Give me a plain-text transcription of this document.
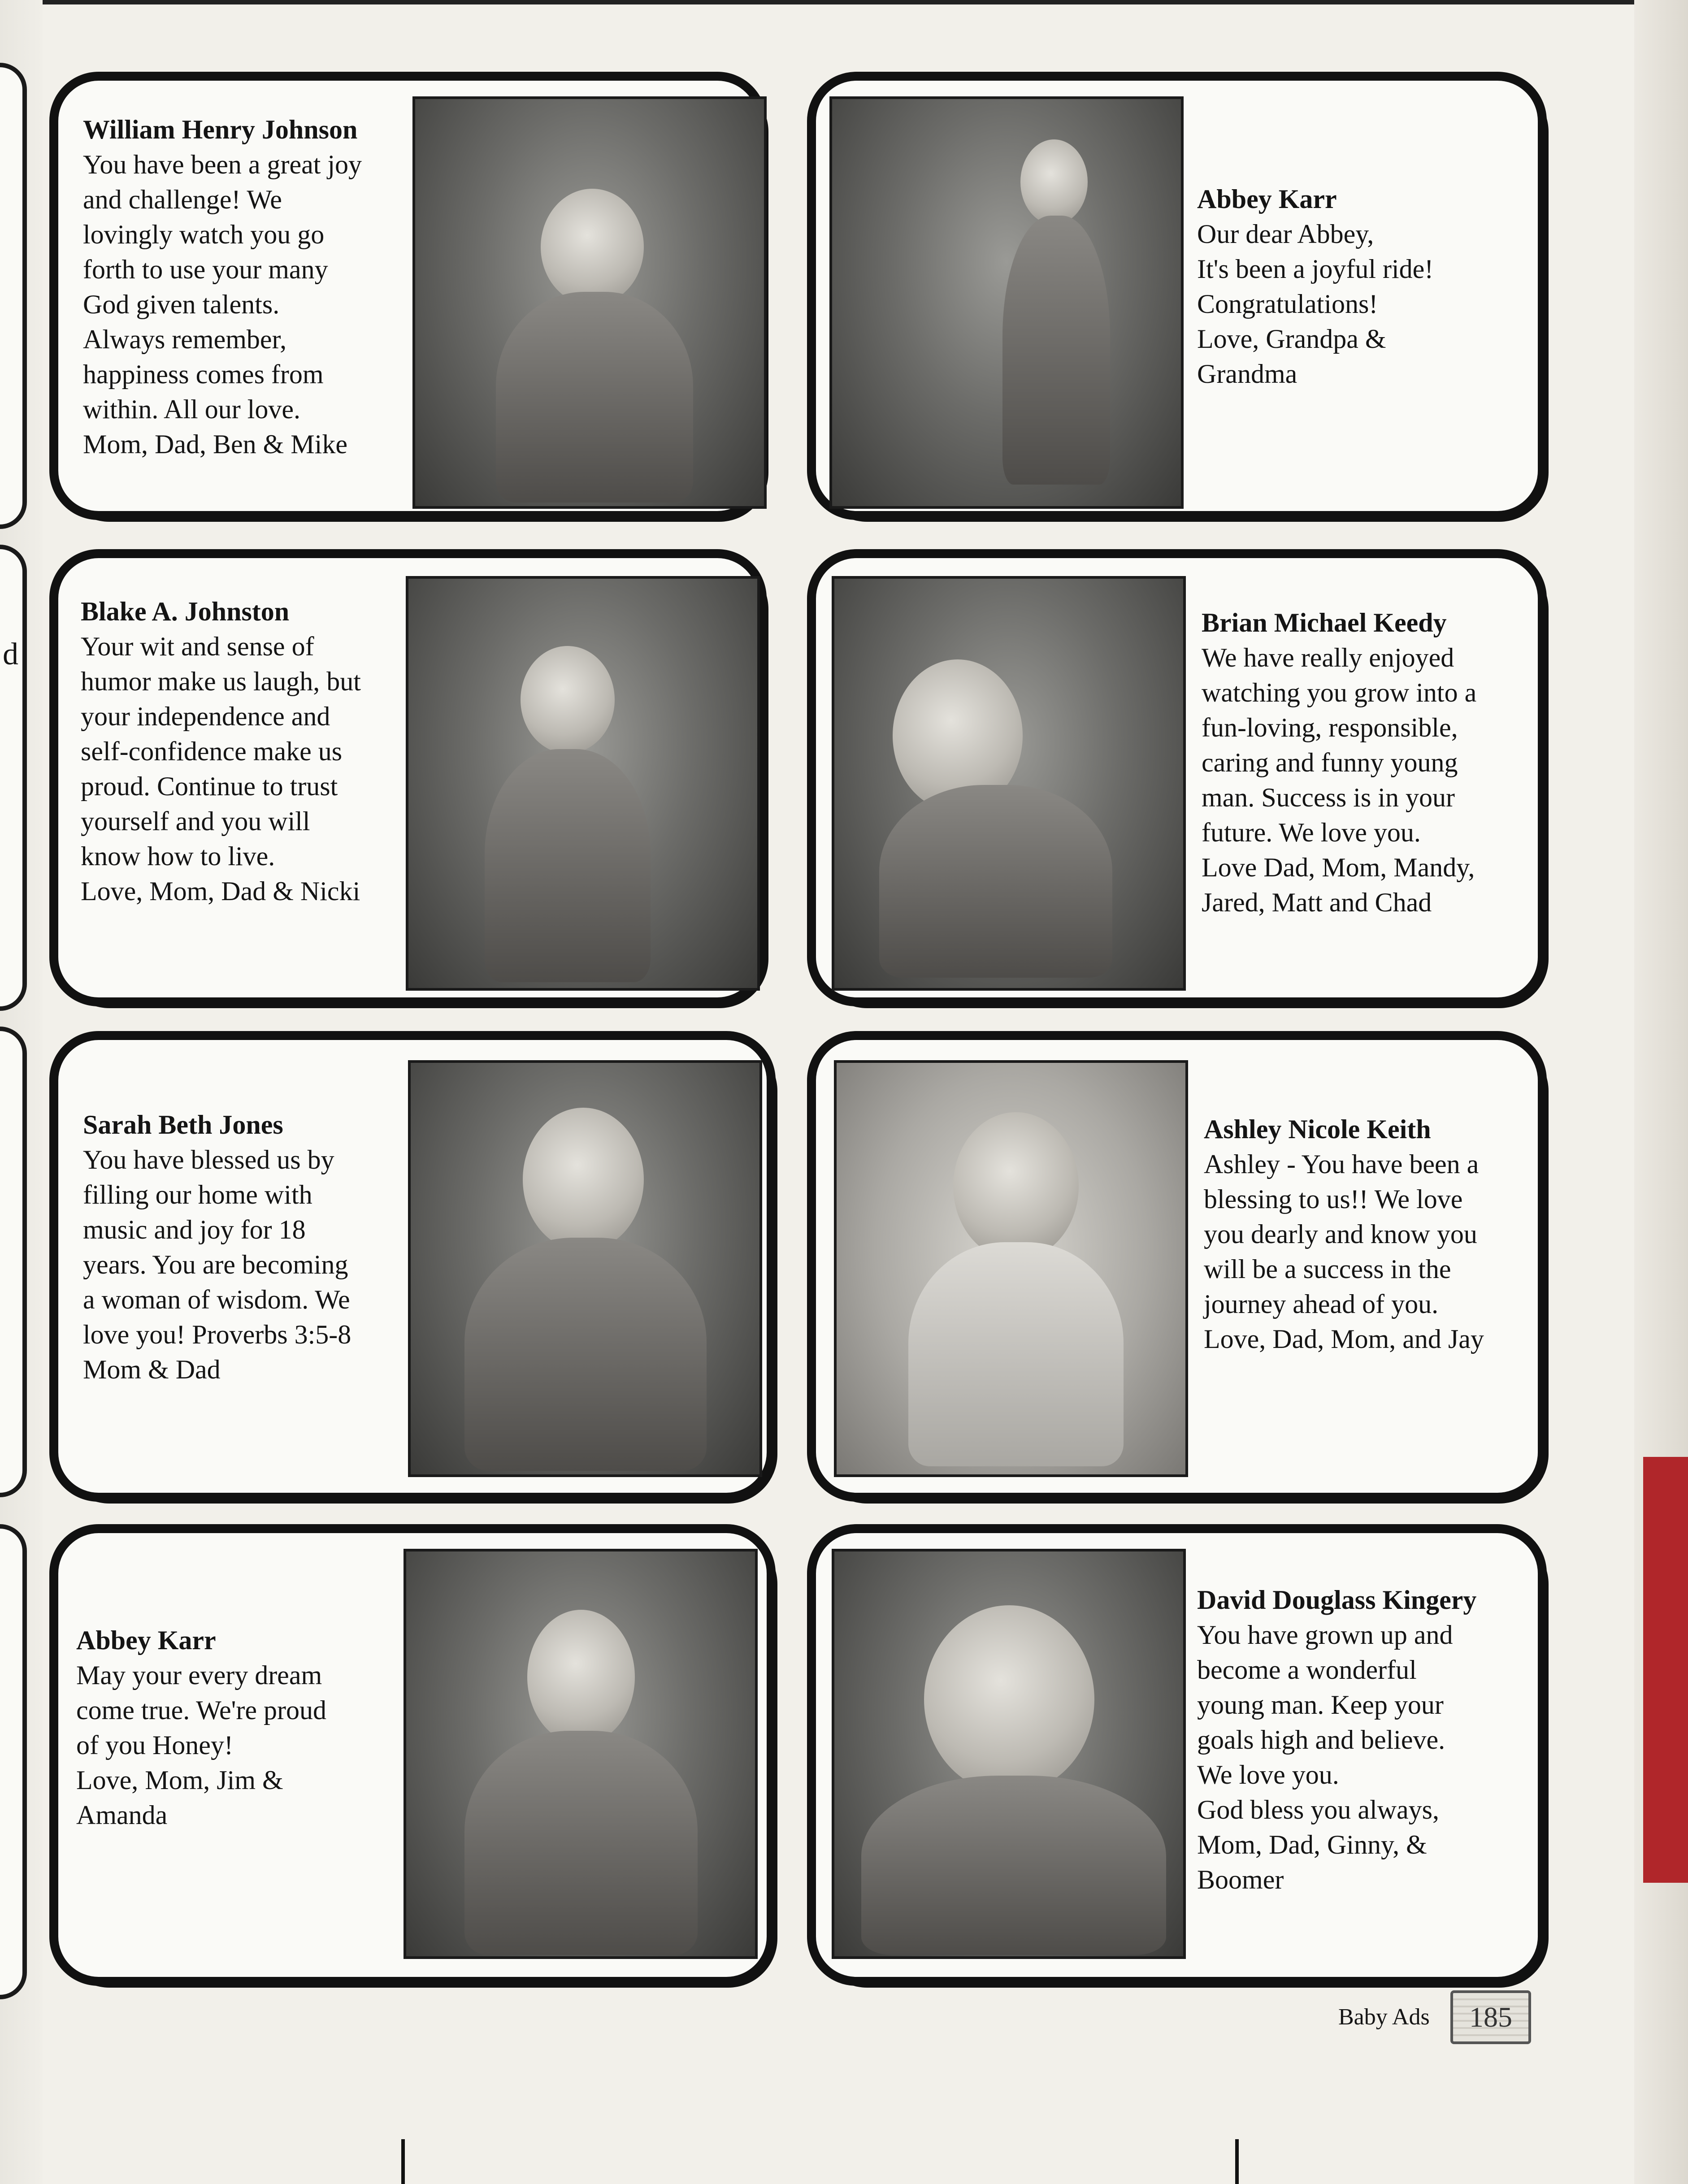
d
William Henry Johnson
You have been a great joy
and challenge! We
lovingly watch you go
forth to use your many
God given talents.
Always remember,
happiness comes from
within. All our love.
Mom, Dad, Ben & Mike
Abbey Karr
Our dear Abbey,
It's been a joyful ride!
Congratulations!
Love, Grandpa &
Grandma
Blake A. Johnston
Your wit and sense of
humor make us laugh, but
your independence and
self-confidence make us
proud. Continue to trust
yourself and you will
know how to live.
Love, Mom, Dad & Nicki
Brian Michael Keedy
We have really enjoyed
watching you grow into a
fun-loving, responsible,
caring and funny young
man. Success is in your
future. We love you.
Love Dad, Mom, Mandy,
Jared, Matt and Chad
Sarah Beth Jones
You have blessed us by
filling our home with
music and joy for 18
years. You are becoming
a woman of wisdom. We
love you! Proverbs 3:5-8
Mom & Dad
Ashley Nicole Keith
Ashley - You have been a
blessing to us!! We love
you dearly and know you
will be a success in the
journey ahead of you.
Love, Dad, Mom, and Jay
Abbey Karr
May your every dream
come true. We're proud
of you Honey!
Love, Mom, Jim &
Amanda
David Douglass Kingery
You have grown up and
become a wonderful
young man. Keep your
goals high and believe.
We love you.
God bless you always,
Mom, Dad, Ginny, &
Boomer
Baby Ads 185
